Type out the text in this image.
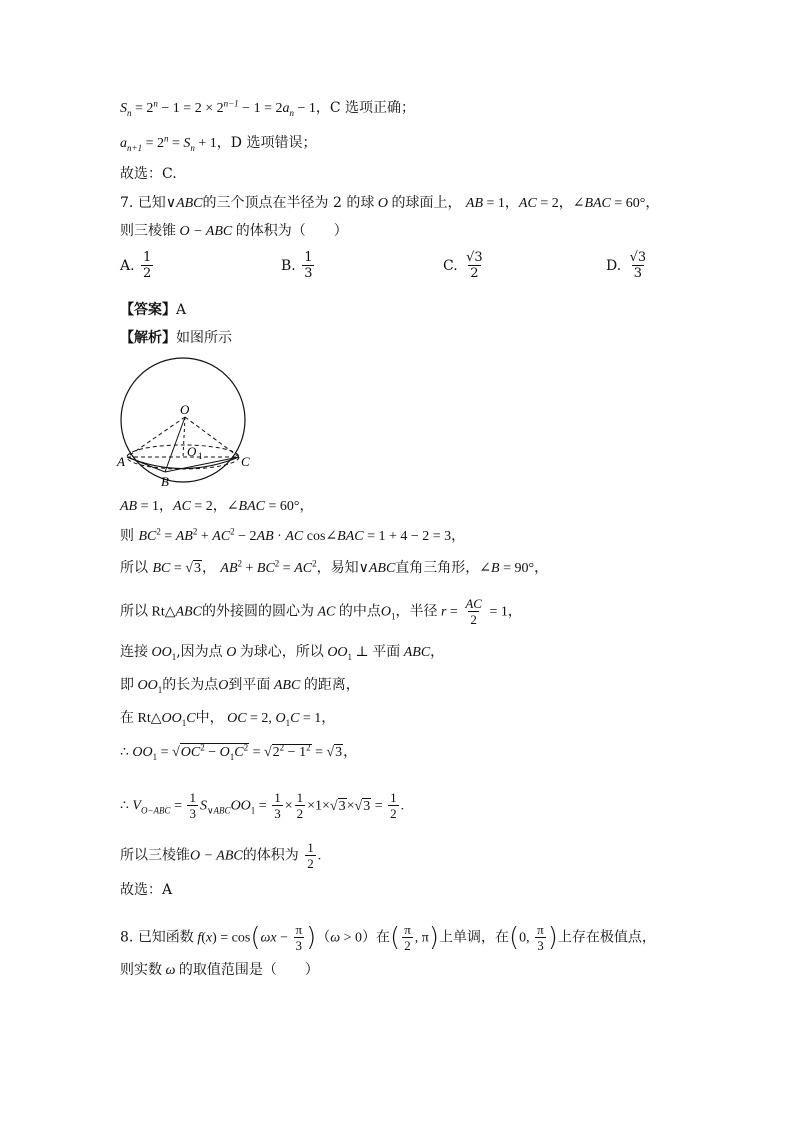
$S_n = 2^n - 1 = 2 \times 2^{n-1} - 1 = 2a_n - 1$，C 选项正确；
$a_{n+1} = 2^n = S_n + 1$，D 选项错误；
故选：C.
7. 已知∨ABC的三个顶点在半径为 2 的球 O 的球面上， AB = 1，AC = 2，∠BAC = 60°，
则三棱锥 O − ABC 的体积为（　　）
A.
$\frac{1}{2}$	B.
$\frac{1}{3}$	C.
$\frac{√3}{2}$	D.
$\frac{√3}{3}$
【答案】A
【解析】如图所示
O
O 1
A
B
C
AB = 1，AC = 2，∠BAC = 60°，
则 $BC^2 = AB^2 + AC^2 - 2AB$ · AC cos∠BAC = 1 + 4 − 2 = 3，
所以 BC = √3， $AB^2 + BC^2 = AC^2$，易知∨ABC直角三角形，∠B = 90°，
所以 Rt△ABC的外接圆的圆心为 AC 的中点$O_1$，半径 $r = \frac{AC}{2} = 1$，
连接 $OO_1$,因为点 O 为球心，所以 $OO_1$ ⊥ 平面 ABC，
即 $OO_1$的长为点O到平面 ABC 的距离，
在 $Rt\triangle OO_1C$中， OC = 2, $O_1C = 1$，
∴ $OO_1 = √OC^2 - O_1C^2 = √2^2 - 1^2 = √3$，
∴ $V_{O-ABC} = \frac{1}{3} S_{\vee ABC}OO_1 = \frac{1}{3} \times \frac{1}{2} \times 1\times√3\times√3 = \frac{1}{2}$ .
所以三棱锥O − ABC的体积为 $\frac{1}{2}$ .
故选：A
8. 已知函数 $f(x) = \cos(\omega x - \frac{\pi}{3} )(\omega > 0)$在( $\frac{\pi}{2}$ , π)上单调，在(0, $\frac{\pi}{3}$ )上存在极值点，
则实数 ω 的取值范围是（　　）
